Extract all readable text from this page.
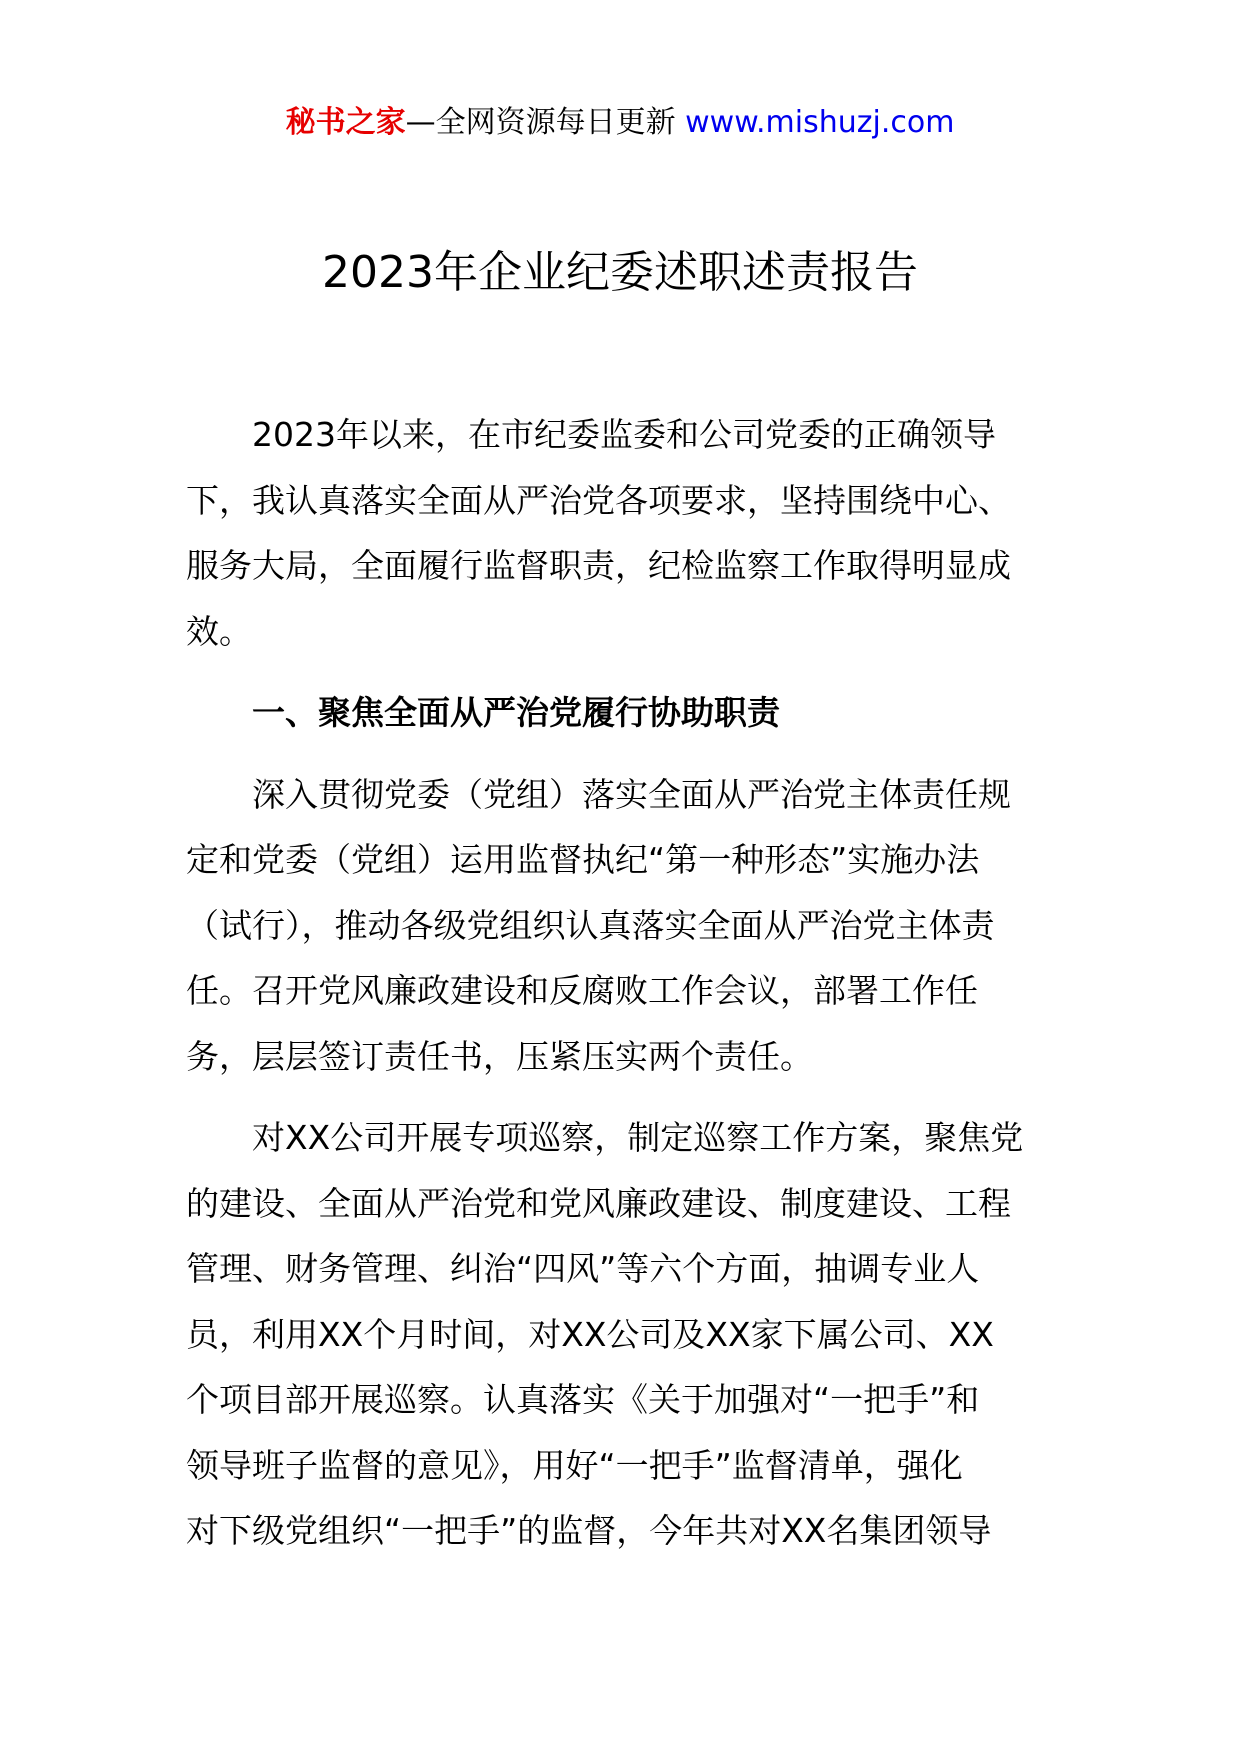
秘书之家—全网资源每日更新 www.mishuzj.com
2023年企业纪委述职述责报告

2023年以来，在市纪委监委和公司党委的正确领导
下，我认真落实全面从严治党各项要求，坚持围绕中心、
服务大局，全面履行监督职责，纪检监察工作取得明显成
效。

一、聚焦全面从严治党履行协助职责

深入贯彻党委（党组）落实全面从严治党主体责任规
定和党委（党组）运用监督执纪“第一种形态”实施办法
（试行），推动各级党组织认真落实全面从严治党主体责
任。召开党风廉政建设和反腐败工作会议，部署工作任
务，层层签订责任书，压紧压实两个责任。

对XX公司开展专项巡察，制定巡察工作方案，聚焦党
的建设、全面从严治党和党风廉政建设、制度建设、工程
管理、财务管理、纠治“四风”等六个方面，抽调专业人
员，利用XX个月时间，对XX公司及XX家下属公司、XX
个项目部开展巡察。认真落实《关于加强对“一把手”和
领导班子监督的意见》，用好“一把手”监督清单，强化
对下级党组织“一把手”的监督，今年共对XX名集团领导
